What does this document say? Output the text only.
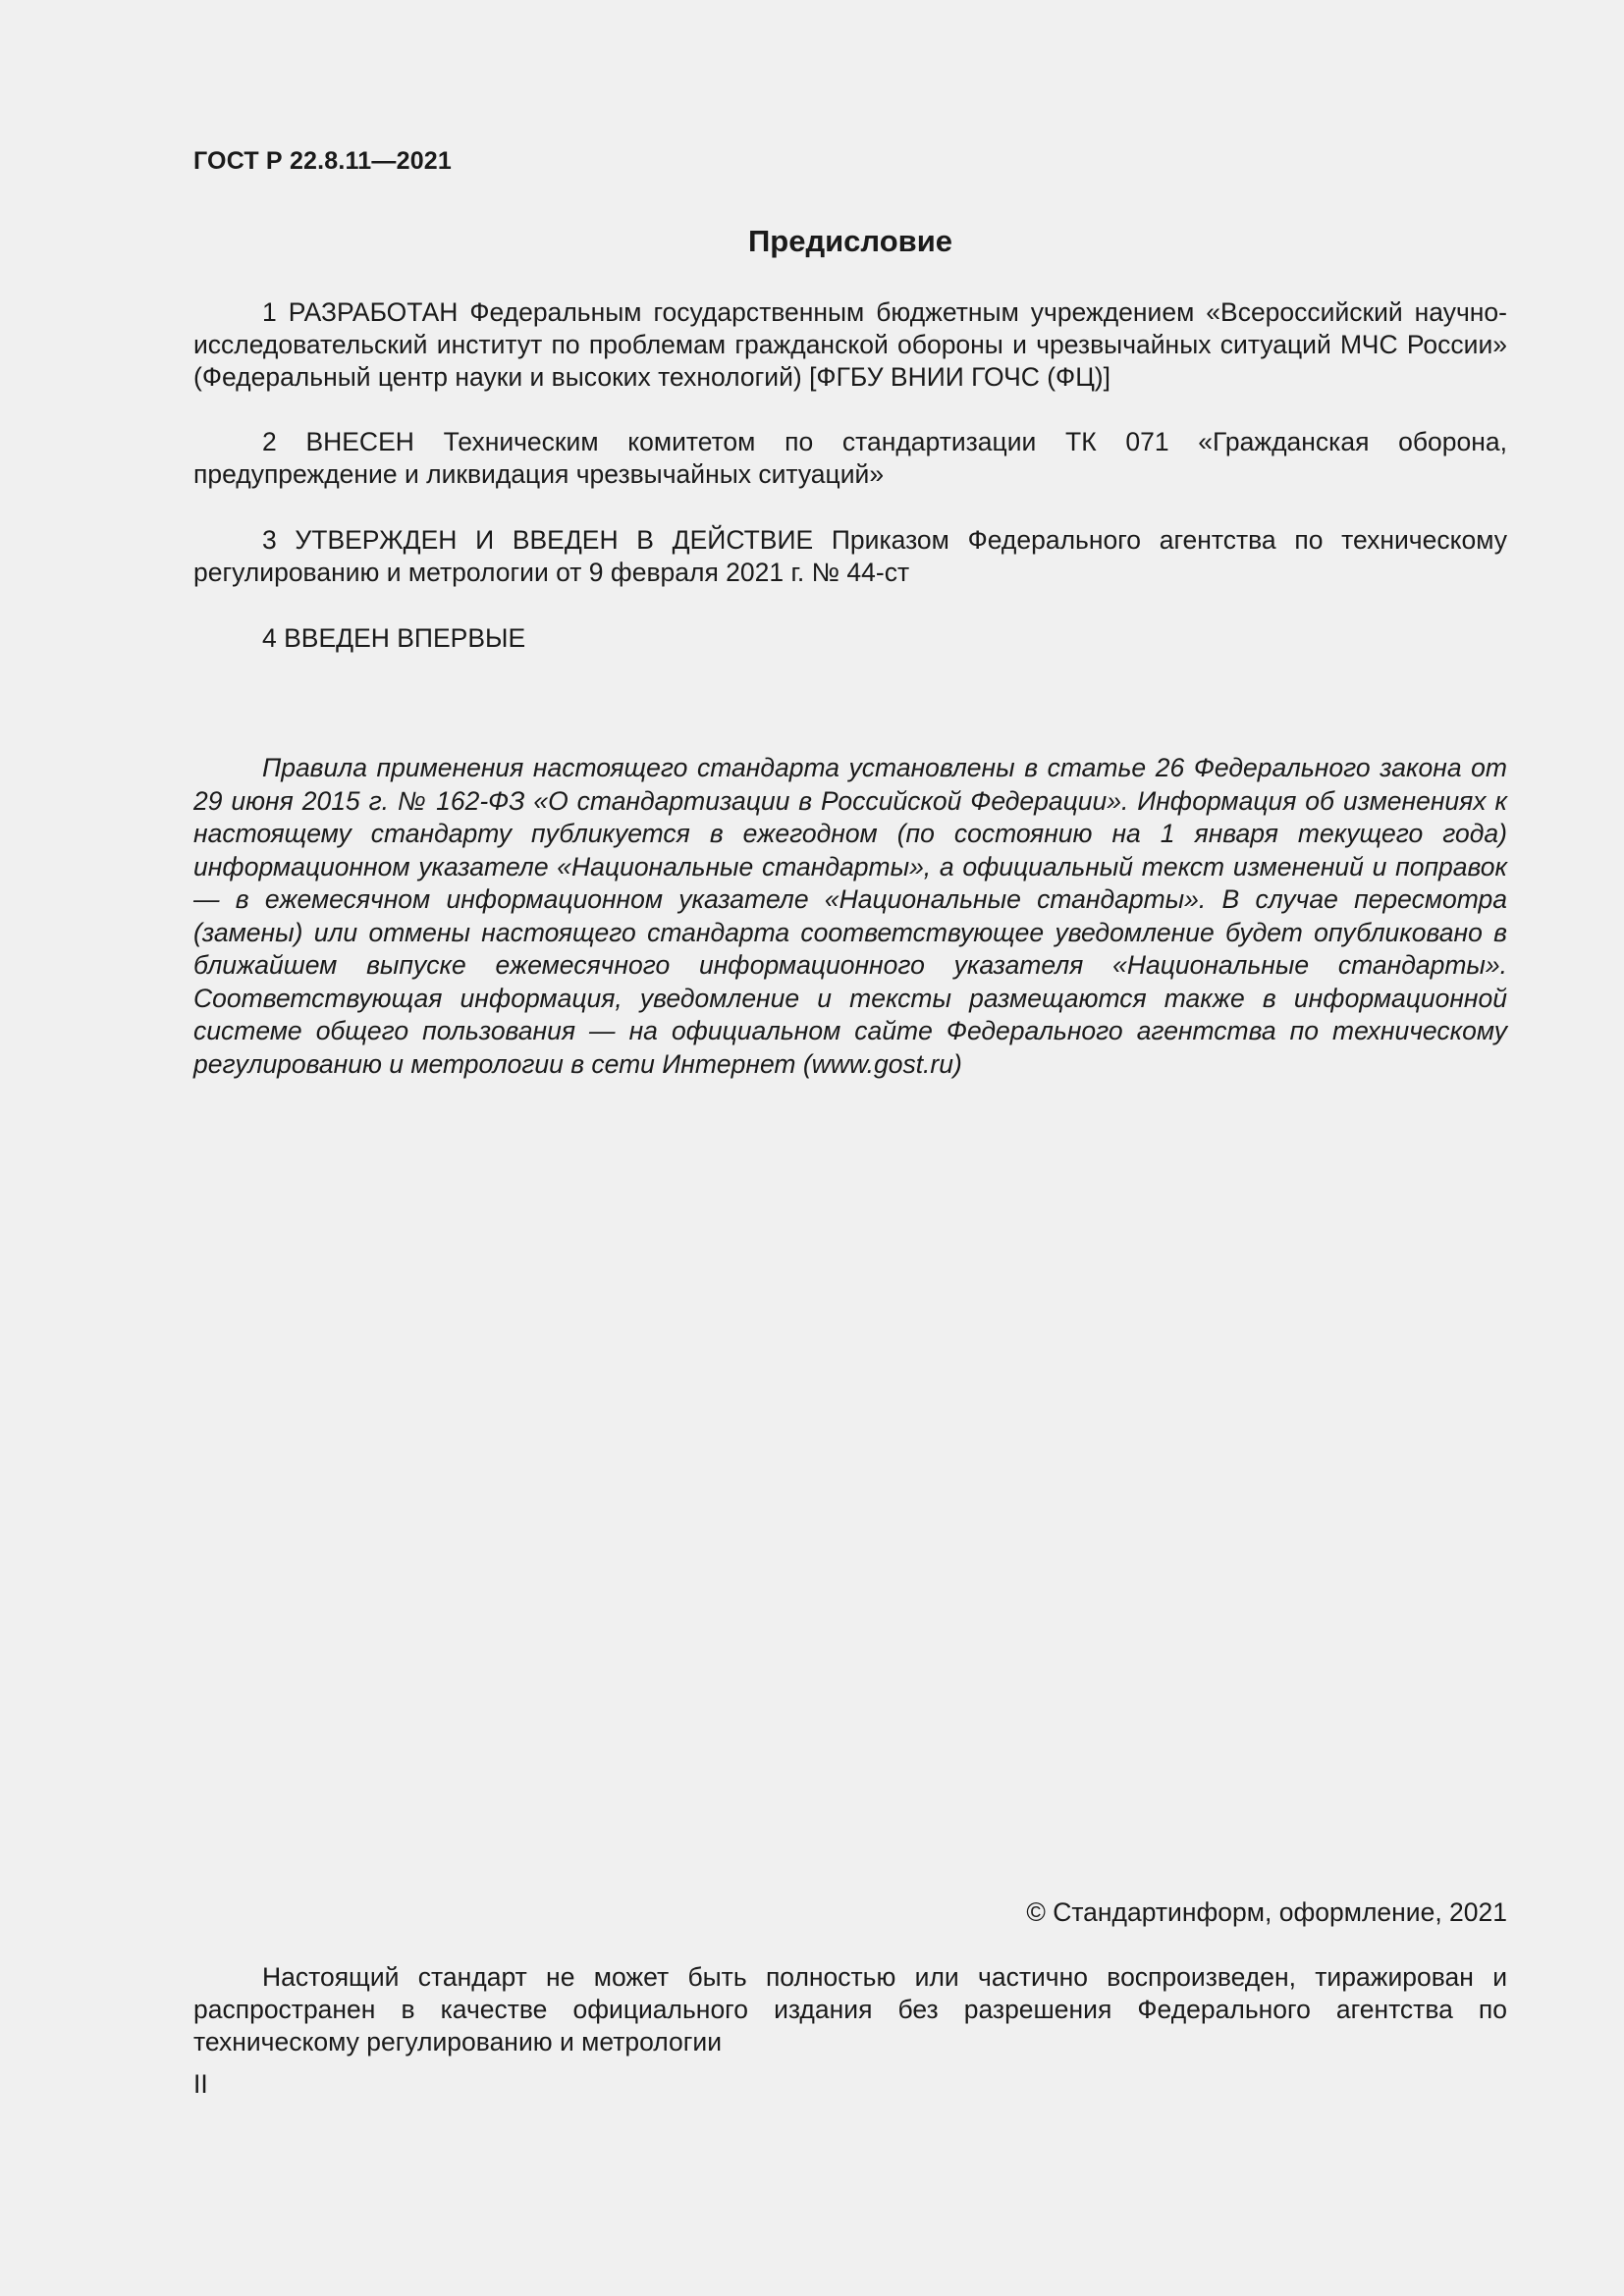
ГОСТ Р 22.8.11—2021
Предисловие

1 РАЗРАБОТАН Федеральным государственным бюджетным учреждением «Всероссийский научно-исследовательский институт по проблемам гражданской обороны и чрезвычайных ситуаций МЧС России» (Федеральный центр науки и высоких технологий) [ФГБУ ВНИИ ГОЧС (ФЦ)]

2 ВНЕСЕН Техническим комитетом по стандартизации ТК 071 «Гражданская оборона, предупреждение и ликвидация чрезвычайных ситуаций»

3 УТВЕРЖДЕН И ВВЕДЕН В ДЕЙСТВИЕ Приказом Федерального агентства по техническому регулированию и метрологии от 9 февраля 2021 г. № 44-ст

4 ВВЕДЕН ВПЕРВЫЕ

Правила применения настоящего стандарта установлены в статье 26 Федерального закона от 29 июня 2015 г. № 162-ФЗ «О стандартизации в Российской Федерации». Информация об изменениях к настоящему стандарту публикуется в ежегодном (по состоянию на 1 января текущего года) информационном указателе «Национальные стандарты», а официальный текст изменений и поправок — в ежемесячном информационном указателе «Национальные стандарты». В случае пересмотра (замены) или отмены настоящего стандарта соответствующее уведомление будет опубликовано в ближайшем выпуске ежемесячного информационного указателя «Национальные стандарты». Соответствующая информация, уведомление и тексты размещаются также в информационной системе общего пользования — на официальном сайте Федерального агентства по техническому регулированию и метрологии в сети Интернет (www.gost.ru)

© Стандартинформ, оформление, 2021

Настоящий стандарт не может быть полностью или частично воспроизведен, тиражирован и распространен в качестве официального издания без разрешения Федерального агентства по техническому регулированию и метрологии

II
